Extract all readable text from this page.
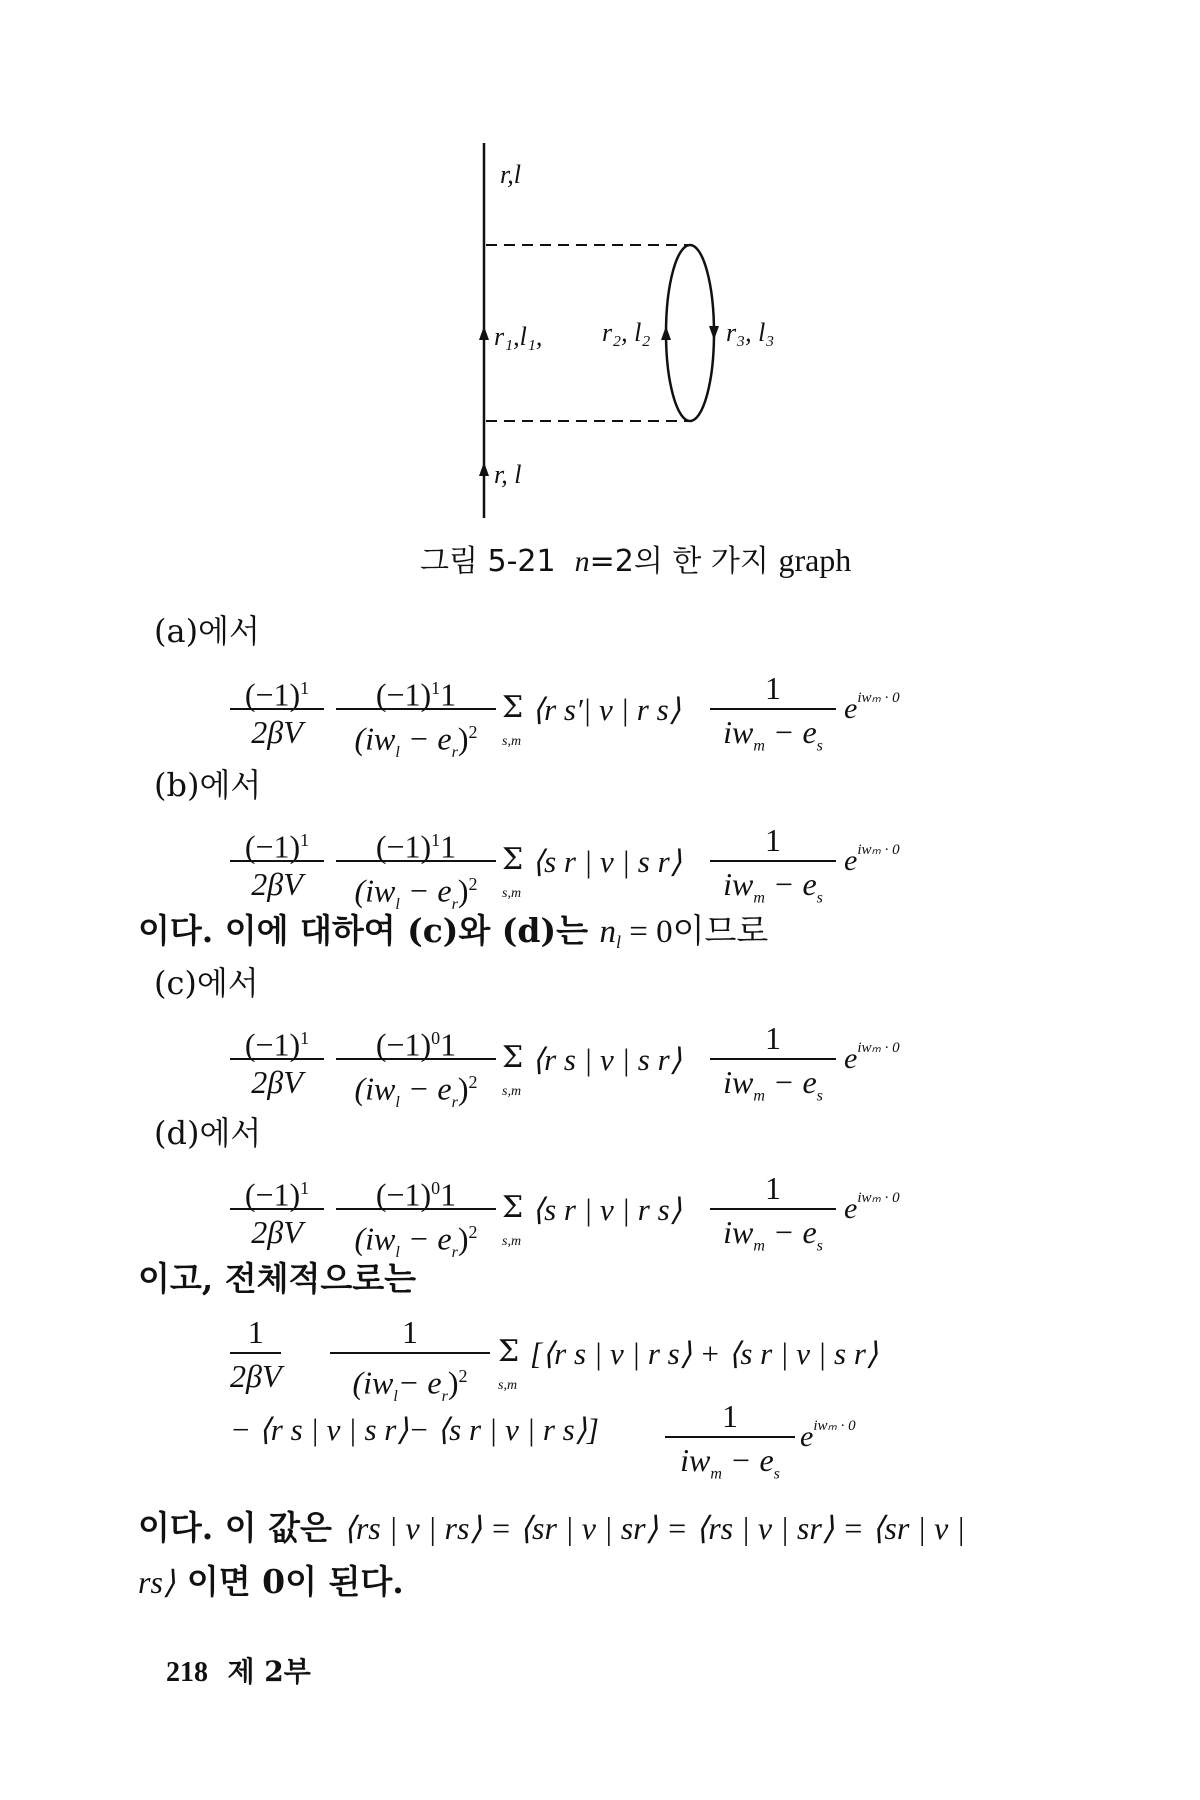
r,l
r₁,l₁, r₂, l₂	r₃, l₃
r, l
그림 5-21 n=2의 한 가지 graph
(a)에서
(b)에서
(c)에서
(d)에서
$\frac{(-1)^1}{2\beta V}$	$(-1)^11$
$(iw_l - e_r)^2$
Σ
s,m
⟨r s′| v | r s⟩
1
$iw_m - e_s$
$e^{iw_m \cdot 0}$
$\frac{(-1)^1}{2\beta V}$	$(-1)^11$
$(iw_l - e_r)^2$
Σ
s,m
⟨s r | v | s r⟩
1
$iw_m - e_s$
$e^{iw_m \cdot 0}$
$\frac{(-1)^1}{2\beta V}$	$(-1)^01$
$(iw_l - e_r)^2$
Σ
s,m
⟨r s | v | s r⟩
1
$iw_m - e_s$
$e^{iw_m \cdot 0}$
$\frac{(-1)^1}{2\beta V}$	$(-1)^01$
$(iw_l - e_r)^2$
Σ
s,m
⟨s r | v | r s⟩
1
$iw_m - e_s$
$e^{iw_m \cdot 0}$
이다. 이에 대하여 (c)와 (d)는 nl = 0이므로
이고, 전체적으로는
$\frac{1}{2\beta V}$	1
$(iw_l- e_r)^2$
Σ
s,m
[⟨r s | v | r s⟩ + ⟨s r | v | s r⟩
− ⟨r s | v | s r⟩− ⟨s r | v | r s⟩]	1
$iw_m - e_s$
$e^{iw_m \cdot 0}$
이다. 이 값은 ⟨rs | v | rs⟩ = ⟨sr | v | sr⟩ = ⟨rs | v | sr⟩ = ⟨sr | v |
rs⟩ 이면 0이 된다.
218 제 2부
